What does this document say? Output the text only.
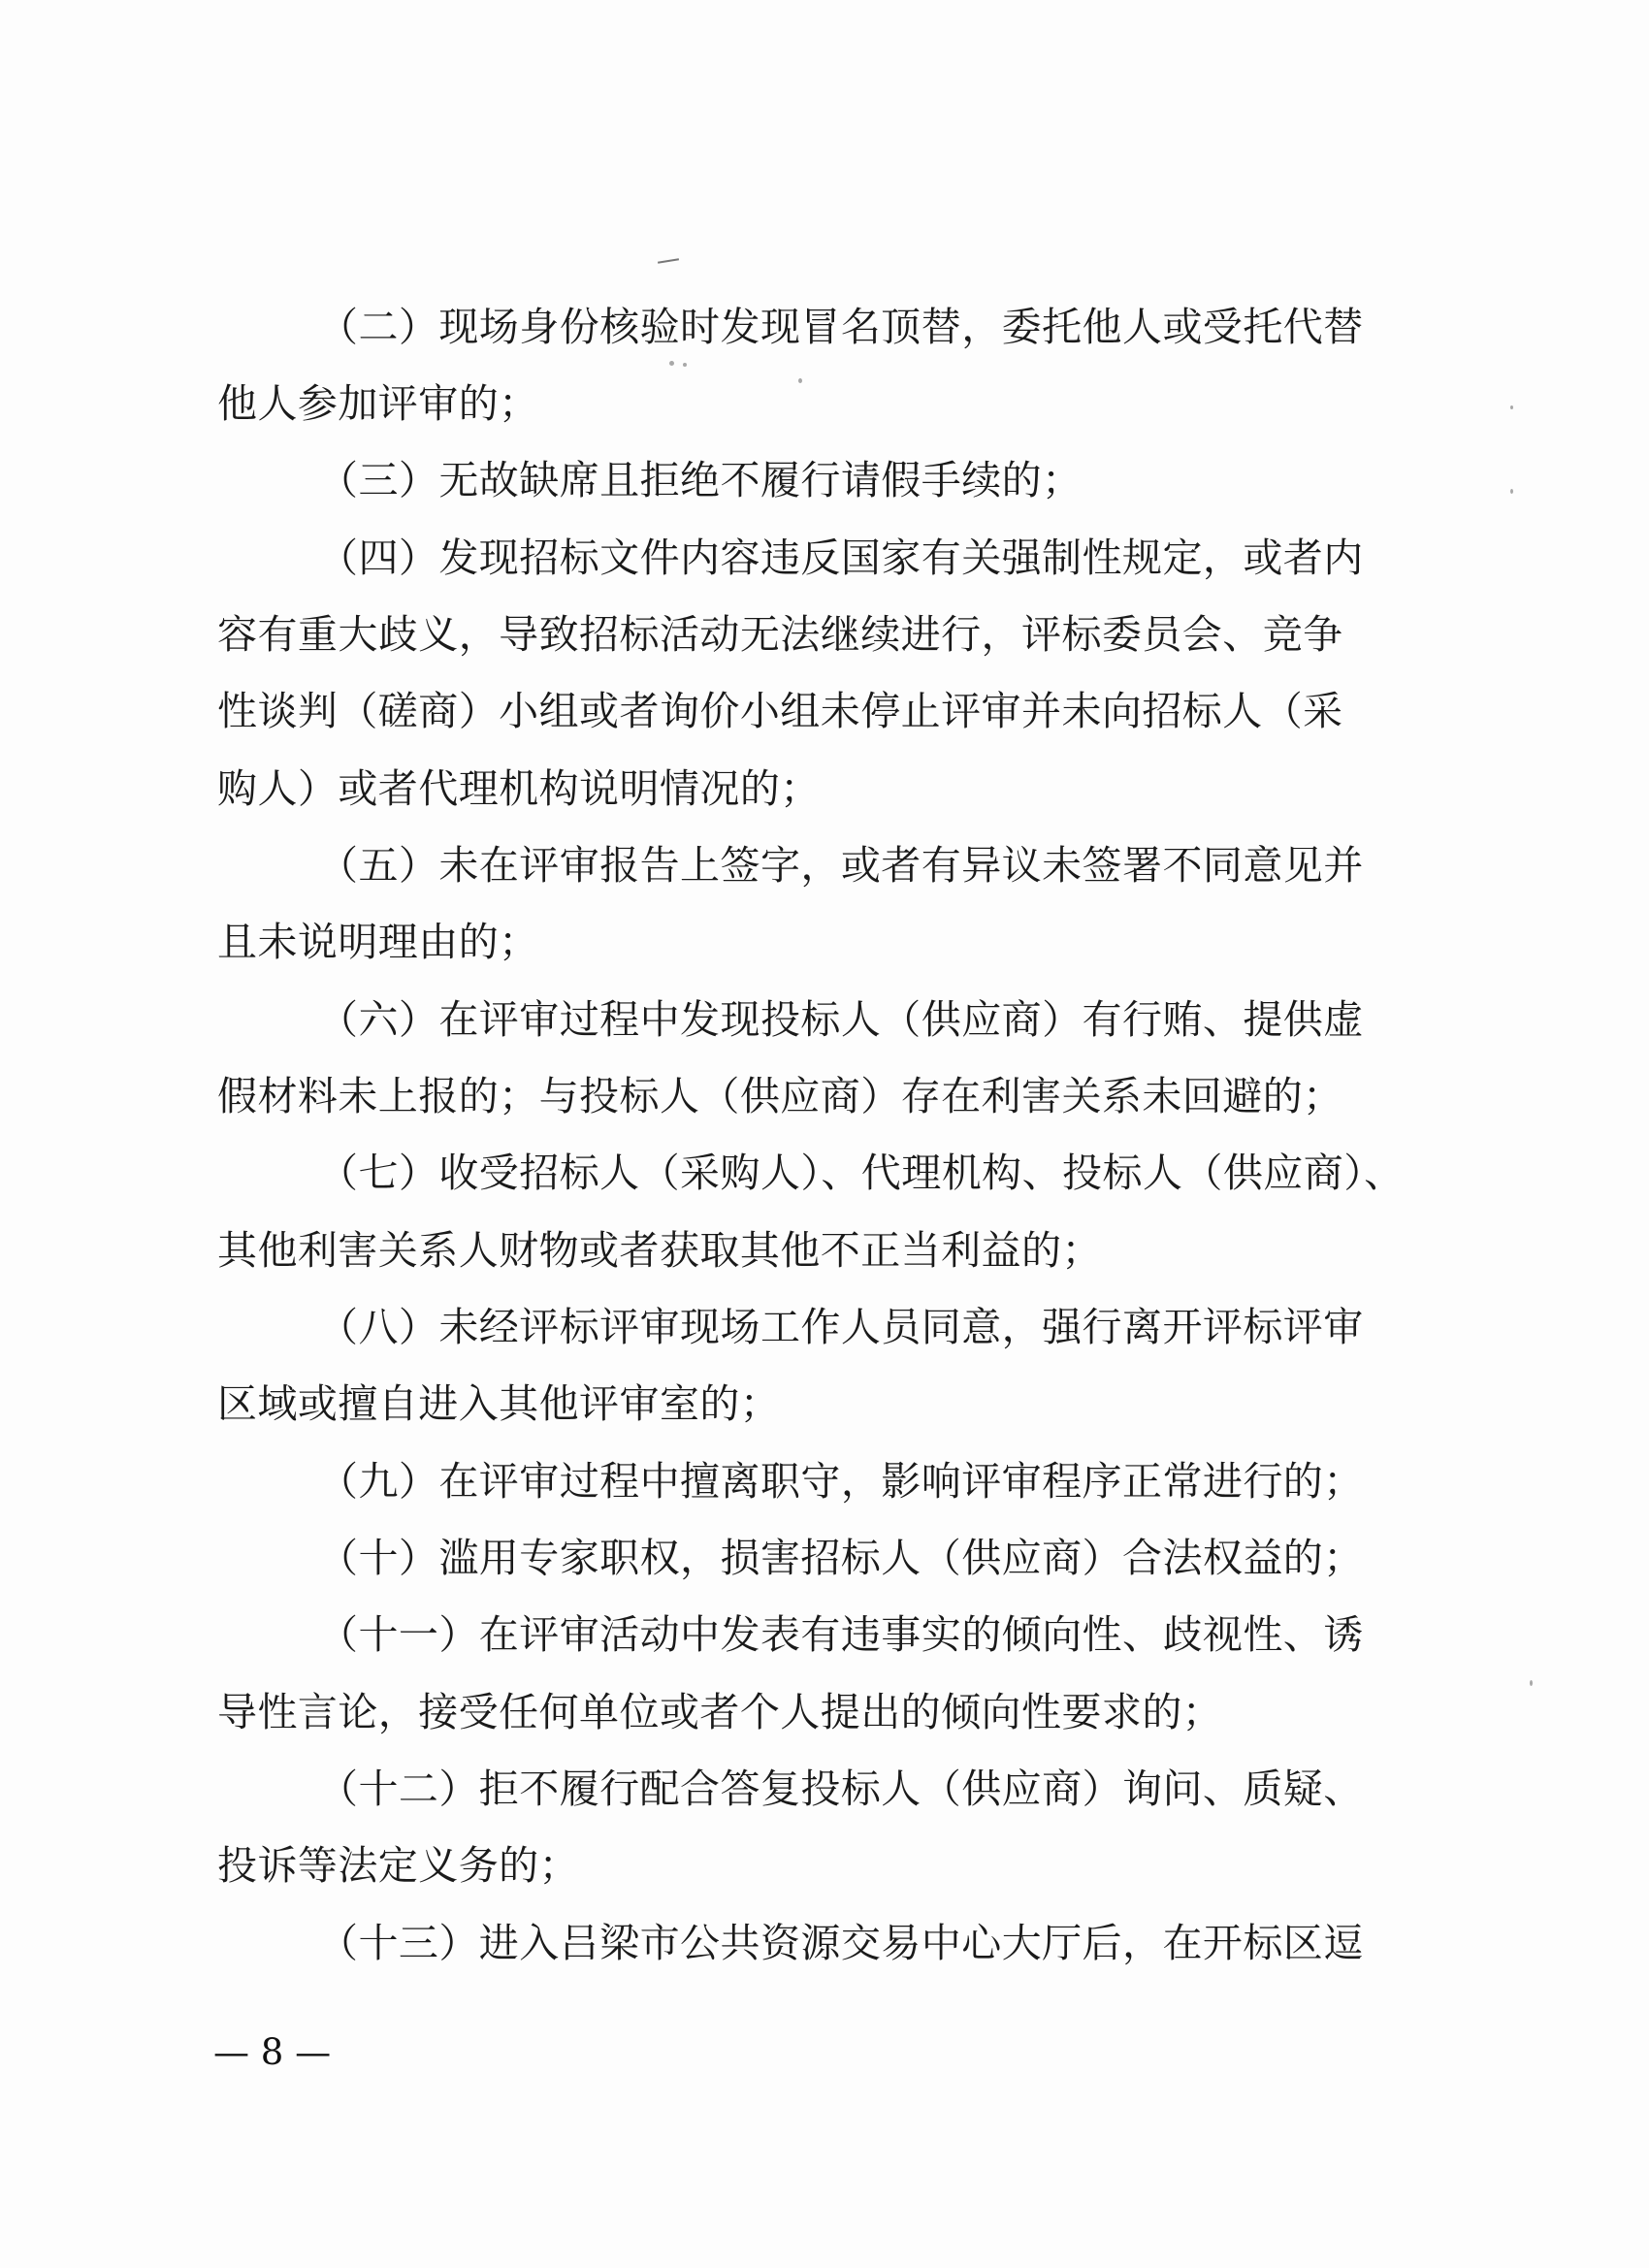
（二）现场身份核验时发现冒名顶替，委托他人或受托代替
他人参加评审的；
（三）无故缺席且拒绝不履行请假手续的；
（四）发现招标文件内容违反国家有关强制性规定，或者内
容有重大歧义，导致招标活动无法继续进行，评标委员会、竞争
性谈判（磋商）小组或者询价小组未停止评审并未向招标人（采
购人）或者代理机构说明情况的；
（五）未在评审报告上签字，或者有异议未签署不同意见并
且未说明理由的；
（六）在评审过程中发现投标人（供应商）有行贿、提供虚
假材料未上报的；与投标人（供应商）存在利害关系未回避的；
（七）收受招标人（采购人）、代理机构、投标人（供应商）、
其他利害关系人财物或者获取其他不正当利益的；
（八）未经评标评审现场工作人员同意，强行离开评标评审
区域或擅自进入其他评审室的；
（九）在评审过程中擅离职守，影响评审程序正常进行的；
（十）滥用专家职权，损害招标人（供应商）合法权益的；
（十一）在评审活动中发表有违事实的倾向性、歧视性、诱
导性言论，接受任何单位或者个人提出的倾向性要求的；
（十二）拒不履行配合答复投标人（供应商）询问、质疑、
投诉等法定义务的；
（十三）进入吕梁市公共资源交易中心大厅后，在开标区逗
— 8 —
